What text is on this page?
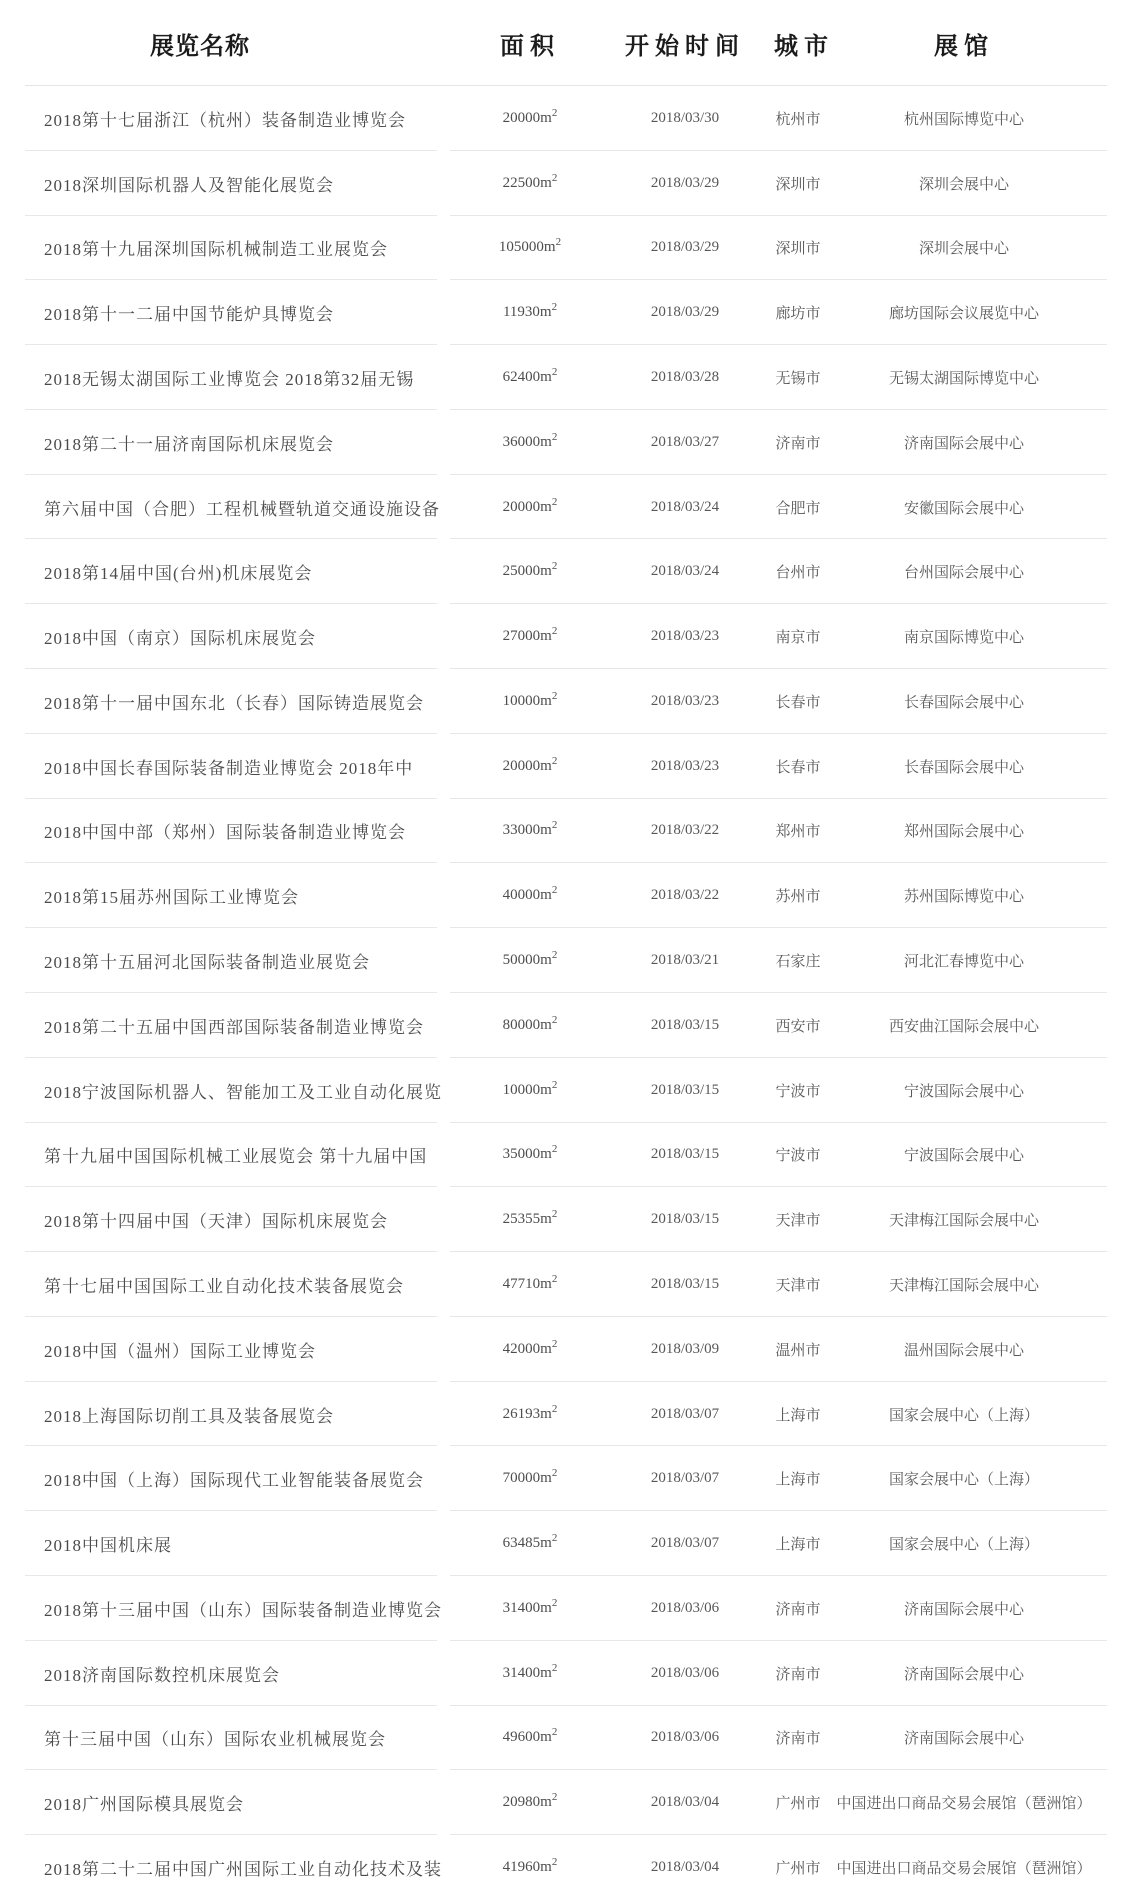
展览名称	面积	开始时间	城市	展馆
2018第十七届浙江（杭州）装备制造业博览会	$20000m^2$	2018/03/30	杭州市	杭州国际博览中心
2018深圳国际机器人及智能化展览会	$22500m^2$	2018/03/29	深圳市	深圳会展中心
2018第十九届深圳国际机械制造工业展览会	$105000m^2$	2018/03/29	深圳市	深圳会展中心
2018第十一二届中国节能炉具博览会	$11930m^2$	2018/03/29	廊坊市	廊坊国际会议展览中心
2018无锡太湖国际工业博览会 2018第32届无锡	$62400m^2$	2018/03/28	无锡市	无锡太湖国际博览中心
2018第二十一届济南国际机床展览会	$36000m^2$	2018/03/27	济南市	济南国际会展中心
第六届中国（合肥）工程机械暨轨道交通设施设备	$20000m^2$	2018/03/24	合肥市	安徽国际会展中心
2018第14届中国(台州)机床展览会	$25000m^2$	2018/03/24	台州市	台州国际会展中心
2018中国（南京）国际机床展览会	$27000m^2$	2018/03/23	南京市	南京国际博览中心
2018第十一届中国东北（长春）国际铸造展览会	$10000m^2$	2018/03/23	长春市	长春国际会展中心
2018中国长春国际装备制造业博览会 2018年中	$20000m^2$	2018/03/23	长春市	长春国际会展中心
2018中国中部（郑州）国际装备制造业博览会	$33000m^2$	2018/03/22	郑州市	郑州国际会展中心
2018第15届苏州国际工业博览会	$40000m^2$	2018/03/22	苏州市	苏州国际博览中心
2018第十五届河北国际装备制造业展览会	$50000m^2$	2018/03/21	石家庄	河北汇春博览中心
2018第二十五届中国西部国际装备制造业博览会	$80000m^2$	2018/03/15	西安市	西安曲江国际会展中心
2018宁波国际机器人、智能加工及工业自动化展览	$10000m^2$	2018/03/15	宁波市	宁波国际会展中心
第十九届中国国际机械工业展览会 第十九届中国	$35000m^2$	2018/03/15	宁波市	宁波国际会展中心
2018第十四届中国（天津）国际机床展览会	$25355m^2$	2018/03/15	天津市	天津梅江国际会展中心
第十七届中国国际工业自动化技术装备展览会	$47710m^2$	2018/03/15	天津市	天津梅江国际会展中心
2018中国（温州）国际工业博览会	$42000m^2$	2018/03/09	温州市	温州国际会展中心
2018上海国际切削工具及装备展览会	$26193m^2$	2018/03/07	上海市	国家会展中心（上海）
2018中国（上海）国际现代工业智能装备展览会	$70000m^2$	2018/03/07	上海市	国家会展中心（上海）
2018中国机床展	$63485m^2$	2018/03/07	上海市	国家会展中心（上海）
2018第十三届中国（山东）国际装备制造业博览会	$31400m^2$	2018/03/06	济南市	济南国际会展中心
2018济南国际数控机床展览会	$31400m^2$	2018/03/06	济南市	济南国际会展中心
第十三届中国（山东）国际农业机械展览会	$49600m^2$	2018/03/06	济南市	济南国际会展中心
2018广州国际模具展览会	$20980m^2$	2018/03/04	广州市	中国进出口商品交易会展馆（琶洲馆）
2018第二十二届中国广州国际工业自动化技术及装	$41960m^2$	2018/03/04	广州市	中国进出口商品交易会展馆（琶洲馆）
